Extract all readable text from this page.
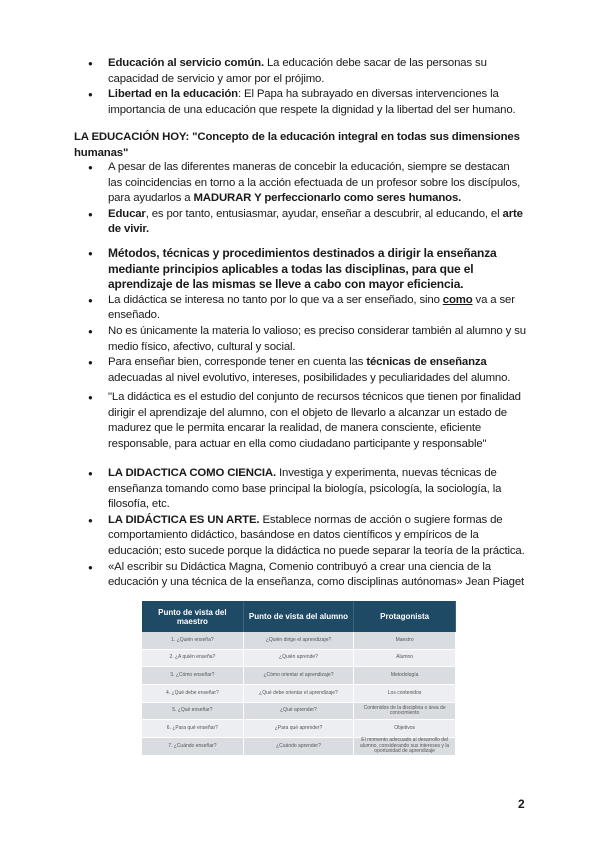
● Educación al servicio común. La educación debe sacar de las personas su capacidad de servicio y amor por el prójimo.
● Libertad en la educación: El Papa ha subrayado en diversas intervenciones la importancia de una educación que respete la dignidad y la libertad del ser humano.
LA EDUCACIÓN HOY: "Concepto de la educación integral en todas sus dimensiones humanas"
● A pesar de las diferentes maneras de concebir la educación, siempre se destacan las coincidencias en torno a la acción efectuada de un profesor sobre los discípulos, para ayudarlos a MADURAR Y perfeccionarlo como seres humanos.
● Educar, es por tanto, entusiasmar, ayudar, enseñar a descubrir, al educando, el arte de vivir.
● Métodos, técnicas y procedimientos destinados a dirigir la enseñanza mediante principios aplicables a todas las disciplinas, para que el aprendizaje de las mismas se lleve a cabo con mayor eficiencia.
● La didáctica se interesa no tanto por lo que va a ser enseñado, sino como va a ser enseñado.
● No es únicamente la materia lo valioso; es preciso considerar también al alumno y su medio físico, afectivo, cultural y social.
● Para enseñar bien, corresponde tener en cuenta las técnicas de enseñanza adecuadas al nivel evolutivo, intereses, posibilidades y peculiaridades del alumno.
● "La didáctica es el estudio del conjunto de recursos técnicos que tienen por finalidad dirigir el aprendizaje del alumno, con el objeto de llevarlo a alcanzar un estado de madurez que le permita encarar la realidad, de manera consciente, eficiente responsable, para actuar en ella como ciudadano participante y responsable"
● LA DIDACTICA COMO CIENCIA. Investiga y experimenta, nuevas técnicas de enseñanza tomando como base principal la biología, psicología, la sociología, la filosofía, etc.
● LA DIDÁCTICA ES UN ARTE. Establece normas de acción o sugiere formas de comportamiento didáctico, basándose en datos científicos y empíricos de la educación; esto sucede porque la didáctica no puede separar la teoría de la práctica.
● «Al escribir su Didáctica Magna, Comenio contribuyó a crear una ciencia de la educación y una técnica de la enseñanza, como disciplinas autónomas» Jean Piaget
Punto de vista del maestro	Punto de vista del alumno	Protagonista
1. ¿Quién enseña?	¿Quién dirige el aprendizaje?	Maestro
2. ¿A quién enseña?	¿Quién aprende?	Alumno
3. ¿Cómo enseñar?	¿Cómo orientar el aprendizaje?	Metodología
4. ¿Qué debe enseñar?	¿Qué debe orientar el aprendizaje?	Los contenidos
5. ¿Qué enseñar?	¿Qué aprender?	Contenidos de la disciplina o área de conocimiento
6. ¿Para qué enseñar?	¿Para qué aprender?	Objetivos
7. ¿Cuándo enseñar?	¿Cuándo aprender?	El momento adecuado al desarrollo del alumno, considerando sus intereses y la oportunidad de aprendizaje
2
